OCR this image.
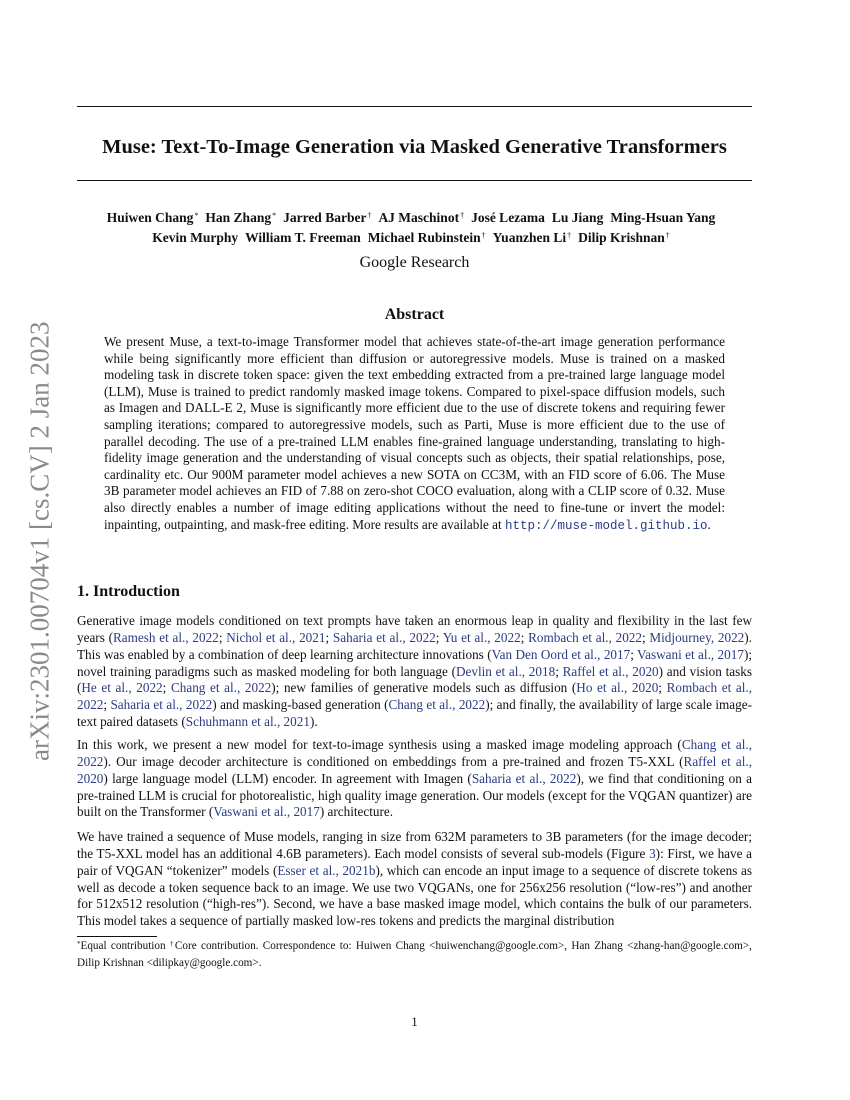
Muse: Text-To-Image Generation via Masked Generative Transformers
Huiwen Chang* Han Zhang* Jarred Barber† AJ Maschinot† José Lezama Lu Jiang Ming-Hsuan Yang
Kevin Murphy William T. Freeman Michael Rubinstein† Yuanzhen Li† Dilip Krishnan†
Google Research
arXiv:2301.00704v1 [cs.CV] 2 Jan 2023
Abstract
We present Muse, a text-to-image Transformer model that achieves state-of-the-art image generation performance while being significantly more efficient than diffusion or autoregressive models. Muse is trained on a masked modeling task in discrete token space: given the text embedding extracted from a pre-trained large language model (LLM), Muse is trained to predict randomly masked image tokens. Compared to pixel-space diffusion models, such as Imagen and DALL-E 2, Muse is significantly more efficient due to the use of discrete tokens and requiring fewer sampling iterations; compared to autoregressive models, such as Parti, Muse is more efficient due to the use of parallel decoding. The use of a pre-trained LLM enables fine-grained language understanding, translating to high-fidelity image generation and the understanding of visual concepts such as objects, their spatial relationships, pose, cardinality etc. Our 900M parameter model achieves a new SOTA on CC3M, with an FID score of 6.06. The Muse 3B parameter model achieves an FID of 7.88 on zero-shot COCO evaluation, along with a CLIP score of 0.32. Muse also directly enables a number of image editing applications without the need to fine-tune or invert the model: inpainting, outpainting, and mask-free editing. More results are available at http://muse-model.github.io.
1. Introduction

Generative image models conditioned on text prompts have taken an enormous leap in quality and flexibility in the last few years (Ramesh et al., 2022; Nichol et al., 2021; Saharia et al., 2022; Yu et al., 2022; Rombach et al., 2022; Midjourney, 2022). This was enabled by a combination of deep learning architecture innovations (Van Den Oord et al., 2017; Vaswani et al., 2017); novel training paradigms such as masked modeling for both language (Devlin et al., 2018; Raffel et al., 2020) and vision tasks (He et al., 2022; Chang et al., 2022); new families of generative models such as diffusion (Ho et al., 2020; Rombach et al., 2022; Saharia et al., 2022) and masking-based generation (Chang et al., 2022); and finally, the availability of large scale image-text paired datasets (Schuhmann et al., 2021).

In this work, we present a new model for text-to-image synthesis using a masked image modeling approach (Chang et al., 2022). Our image decoder architecture is conditioned on embeddings from a pre-trained and frozen T5-XXL (Raffel et al., 2020) large language model (LLM) encoder. In agreement with Imagen (Saharia et al., 2022), we find that conditioning on a pre-trained LLM is crucial for photorealistic, high quality image generation. Our models (except for the VQGAN quantizer) are built on the Transformer (Vaswani et al., 2017) architecture.

We have trained a sequence of Muse models, ranging in size from 632M parameters to 3B parameters (for the image decoder; the T5-XXL model has an additional 4.6B parameters). Each model consists of several sub-models (Figure 3): First, we have a pair of VQGAN “tokenizer” models (Esser et al., 2021b), which can encode an input image to a sequence of discrete tokens as well as decode a token sequence back to an image. We use two VQGANs, one for 256x256 resolution (“low-res”) and another for 512x512 resolution (“high-res”). Second, we have a base masked image model, which contains the bulk of our parameters. This model takes a sequence of partially masked low-res tokens and predicts the marginal distribution

*Equal contribution †Core contribution. Correspondence to: Huiwen Chang <huiwenchang@google.com>, Han Zhang <zhang-han@google.com>, Dilip Krishnan <dilipkay@google.com>.
1
